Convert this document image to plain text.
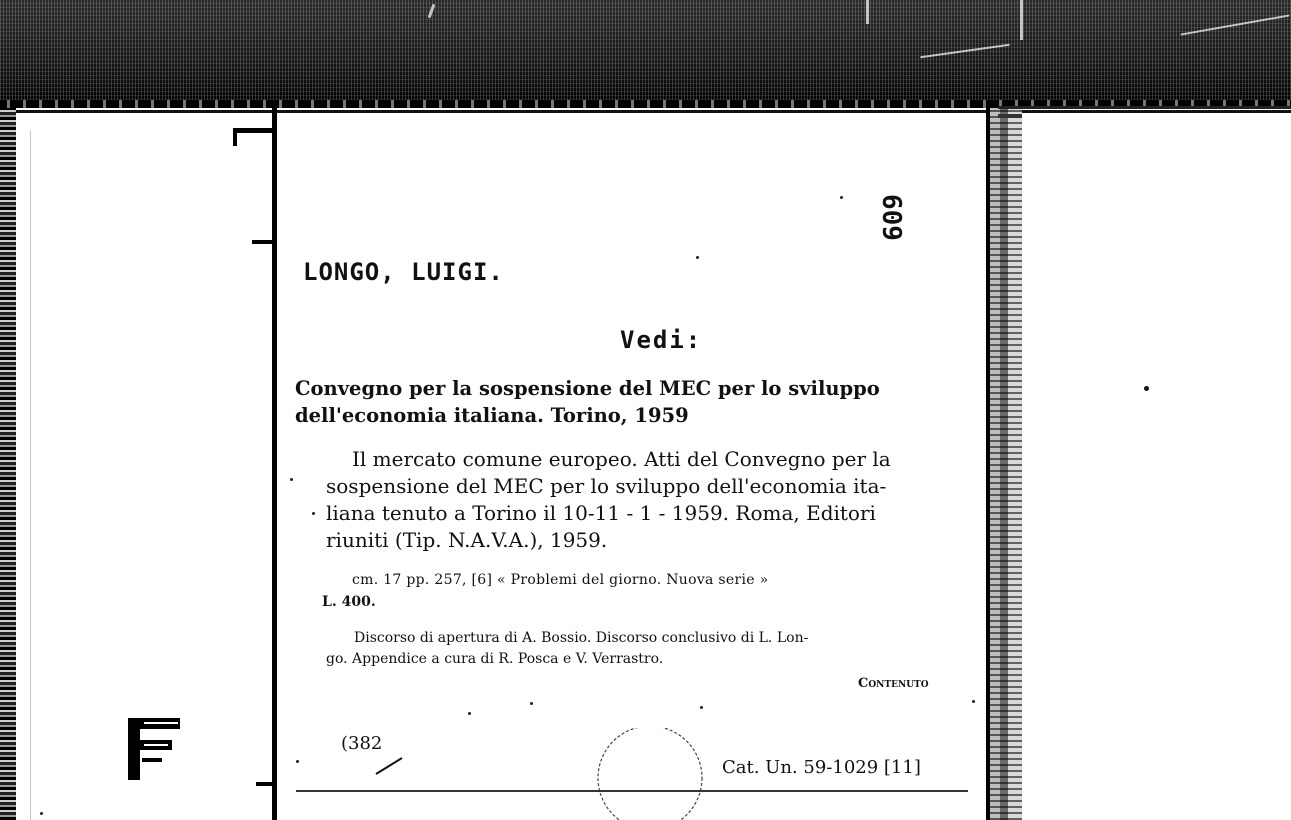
609
LONGO, LUIGI.
Vedi:
Convegno per la sospensione del MEC per lo sviluppo
dell'economia italiana. Torino, 1959
Il mercato comune europeo. Atti del Convegno per la
sospensione del MEC per lo sviluppo dell'economia ita-
liana tenuto a Torino il 10-11 - 1 - 1959. Roma, Editori
riuniti (Tip. N.A.V.A.), 1959.
cm. 17 pp. 257, [6] « Problemi del giorno. Nuova serie »
L. 400.
Discorso di apertura di A. Bossio. Discorso conclusivo di L. Lon-
go. Appendice a cura di R. Posca e V. Verrastro.
Contenuto
(382
Cat. Un. 59-1029 [11]
